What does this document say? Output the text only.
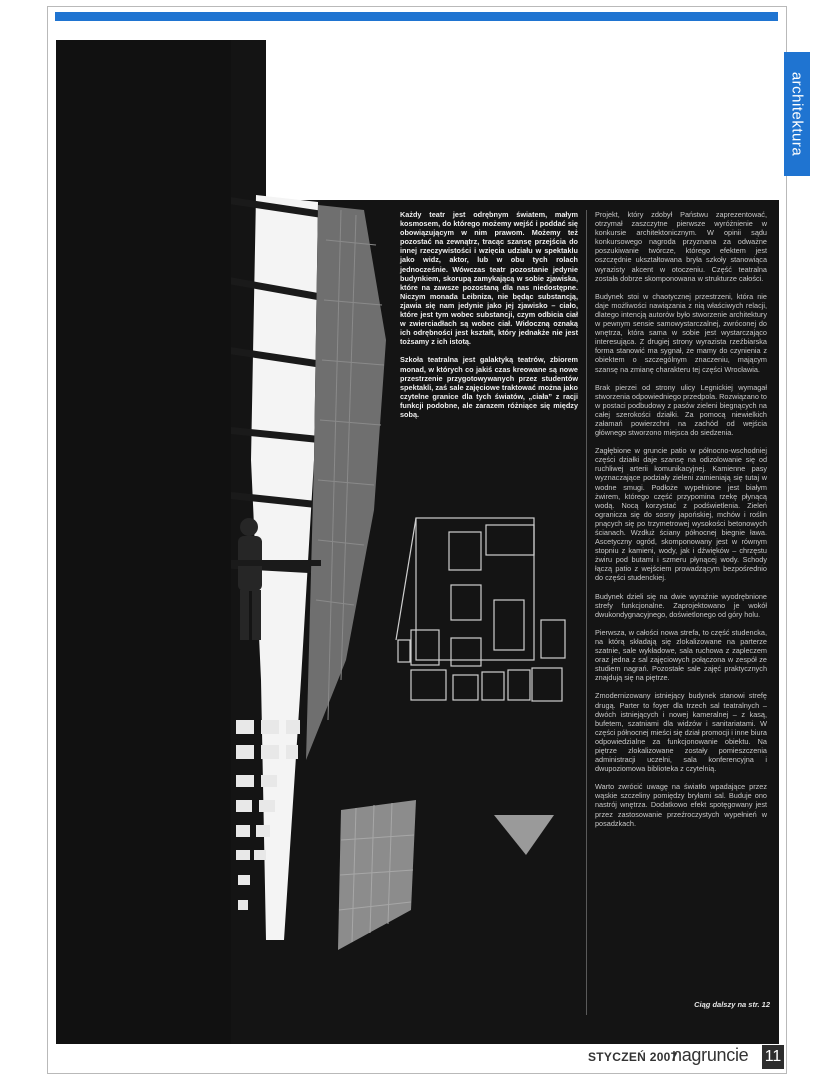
architektura

Każdy teatr jest odrębnym światem, małym kosmosem, do którego możemy wejść i poddać się obowiązującym w nim prawom. Możemy też pozostać na zewnątrz, tracąc szansę przejścia do innej rzeczywistości i wzięcia udziału w spektaklu jako widz, aktor, lub w obu tych rolach jednocześnie. Wówczas teatr pozostanie jedynie budynkiem, skorupą zamykającą w sobie zjawiska, które na zawsze pozostaną dla nas niedostępne. Niczym monada Leibniza, nie będąc substancją, zjawia się nam jedynie jako jej zjawisko – ciało, które jest tym wobec substancji, czym odbicia ciał w zwierciadłach są wobec ciał. Widoczną oznaką ich odrębności jest kształt, który jednakże nie jest tożsamy z ich istotą.

Szkoła teatralna jest galaktyką teatrów, zbiorem monad, w których co jakiś czas kreowane są nowe przestrzenie przygotowywanych przez studentów spektakli, zaś sale zajęciowe traktować można jako czytelne granice dla tych światów, „ciała” z racji funkcji podobne, ale zarazem różniące się między sobą.

Projekt, który zdobył Państwu zaprezentować, otrzymał zaszczytne pierwsze wyróżnienie w konkursie architektonicznym. W opinii sądu konkursowego nagroda przyznana za odważne poszukiwanie twórcze, którego efektem jest oszczędnie ukształtowana bryła szkoły stanowiąca wyrazisty akcent w otoczeniu. Część teatralna została dobrze skomponowana w strukturze całości.

Budynek stoi w chaotycznej przestrzeni, która nie daje możliwości nawiązania z nią właściwych relacji, dlatego intencją autorów było stworzenie architektury w pewnym sensie samowystarczalnej, zwróconej do wnętrza, która sama w sobie jest wystarczająco interesująca. Z drugiej strony wyrazista rzeźbiarska forma stanowić ma sygnał, że mamy do czynienia z obiektem o szczególnym znaczeniu, mającym szansę na zmianę charakteru tej części Wrocławia.

Brak pierzei od strony ulicy Legnickiej wymagał stworzenia odpowiedniego przedpola. Rozwiązano to w postaci podbudowy z pasów zieleni biegnących na całej szerokości działki. Za pomocą niewielkich załamań powierzchni na zachód od wejścia głównego stworzono miejsca do siedzenia.

Zagłębione w gruncie patio w północno-wschodniej części działki daje szansę na odizolowanie się od ruchliwej arterii komunikacyjnej. Kamienne pasy wyznaczające podziały zieleni zamieniają się tutaj w wodne smugi. Podłoże wypełnione jest białym żwirem, którego część przypomina rzekę płynącą wodą. Nocą korzystać z podświetlenia. Zieleń ogranicza się do sosny japońskiej, mchów i roślin pnących się po trzymetrowej wysokości betonowych ścianach. Wzdłuż ściany północnej biegnie ława. Ascetyczny ogród, skomponowany jest w równym stopniu z kamieni, wody, jak i dźwięków – chrzęstu żwiru pod butami i szmeru płynącej wody. Schody łączą patio z wejściem prowadzącym bezpośrednio do części studenckiej.

Budynek dzieli się na dwie wyraźnie wyodrębnione strefy funkcjonalne. Zaprojektowano je wokół dwukondygnacyjnego, doświetlonego od góry holu.

Pierwsza, w całości nowa strefa, to część studencka, na którą składają się zlokalizowane na parterze szatnie, sale wykładowe, sala ruchowa z zapleczem oraz jedna z sal zajęciowych połączona w zespół ze studiem nagrań. Pozostałe sale zajęć praktycznych znajdują się na piętrze.

Zmodernizowany istniejący budynek stanowi strefę drugą. Parter to foyer dla trzech sal teatralnych – dwóch istniejących i nowej kameralnej – z kasą, bufetem, szatniami dla widzów i sanitariatami. W części północnej mieści się dział promocji i inne biura odpowiedzialne za funkcjonowanie obiektu. Na piętrze zlokalizowane zostały pomieszczenia administracji uczelni, sala konferencyjna i dwupoziomowa biblioteka z czytelnią.

Warto zwrócić uwagę na światło wpadające przez wąskie szczeliny pomiędzy bryłami sal. Buduje ono nastrój wnętrza. Dodatkowo efekt spotęgowany jest przez zastosowanie przeźroczystych wypełnień w posadzkach.

Ciąg dalszy na str. 12
STYCZEŃ 2007
nagruncie 11
